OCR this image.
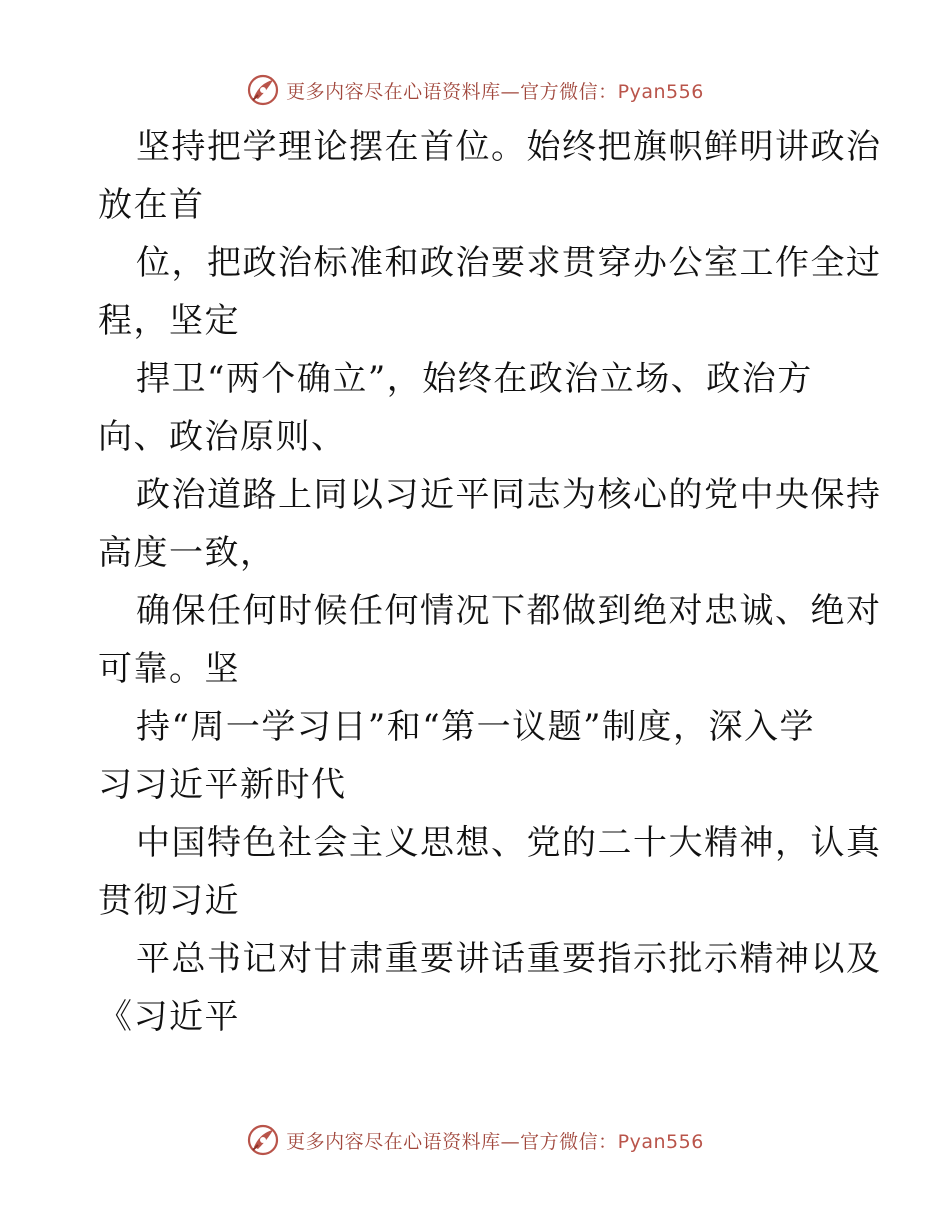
更多内容尽在心语资料库—官方微信：Pyan556
坚持把学理论摆在首位。始终把旗帜鲜明讲政治
放在首
位，把政治标准和政治要求贯穿办公室工作全过
程，坚定
捍卫“两个确立”，始终在政治立场、政治方
向、政治原则、
政治道路上同以习近平同志为核心的党中央保持
高度一致，
确保任何时候任何情况下都做到绝对忠诚、绝对
可靠。坚
持“周一学习日”和“第一议题”制度，深入学
习习近平新时代
中国特色社会主义思想、党的二十大精神，认真
贯彻习近
平总书记对甘肃重要讲话重要指示批示精神以及
《习近平
更多内容尽在心语资料库—官方微信：Pyan556
